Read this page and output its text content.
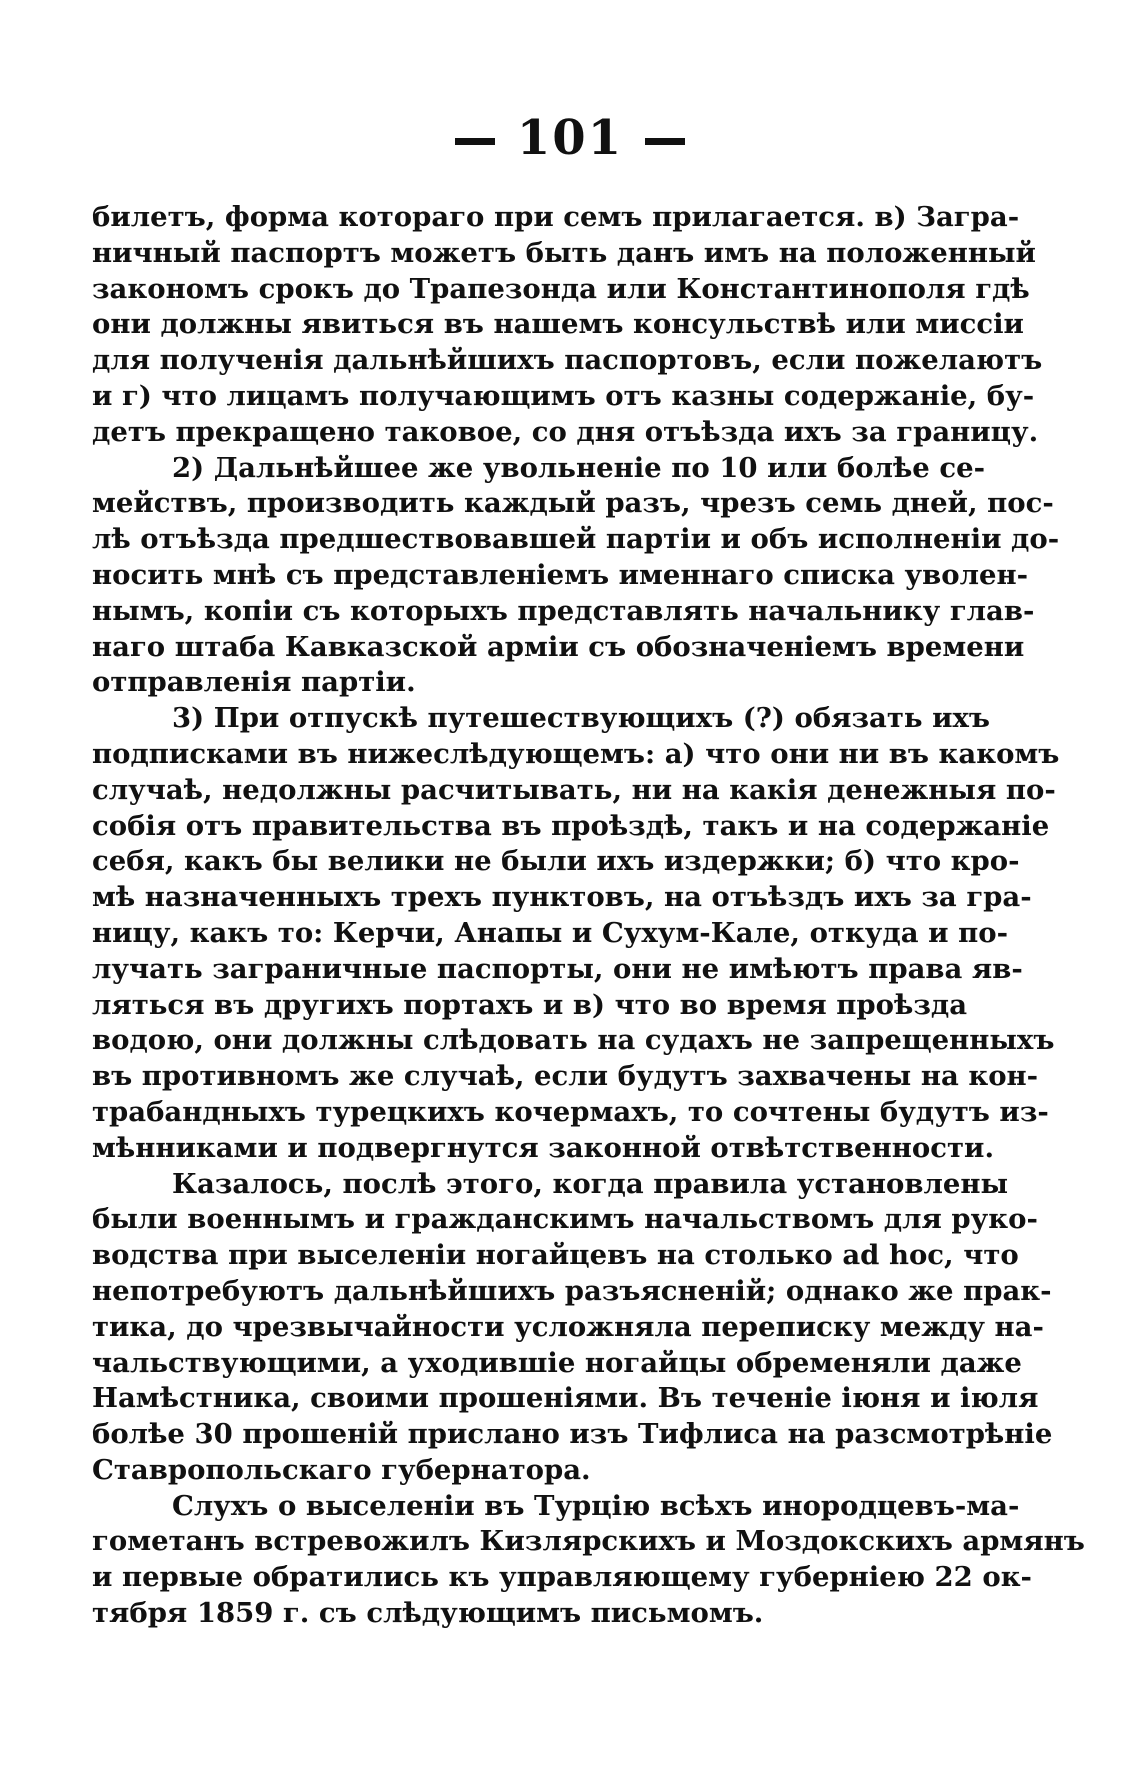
101
билетъ, форма котораго при семъ прилагается. в) Загра-
ничный паспортъ можетъ быть данъ имъ на положенный
закономъ срокъ до Трапезонда или Константинополя гдѣ
они должны явиться въ нашемъ консульствѣ или миссіи
для полученія дальнѣйшихъ паспортовъ, если пожелаютъ
и г) что лицамъ получающимъ отъ казны содержаніе, бу-
детъ прекращено таковое, со дня отъѣзда ихъ за границу.
2) Дальнѣйшее же увольненіе по 10 или болѣе се-
мействъ, производить каждый разъ, чрезъ семь дней, пос-
лѣ отъѣзда предшествовавшей партіи и объ исполненіи до-
носить мнѣ съ представленіемъ именнаго списка уволен-
нымъ, копіи съ которыхъ представлять начальнику глав-
наго штаба Кавказской арміи съ обозначеніемъ времени
отправленія партіи.
3) При отпускѣ путешествующихъ (?) обязать ихъ
подписками въ нижеслѣдующемъ: а) что они ни въ какомъ
случаѣ, недолжны расчитывать, ни на какія денежныя по-
собія отъ правительства въ проѣздѣ, такъ и на содержаніе
себя, какъ бы велики не были ихъ издержки; б) что кро-
мѣ назначенныхъ трехъ пунктовъ, на отъѣздъ ихъ за гра-
ницу, какъ то: Керчи, Анапы и Сухум-Кале, откуда и по-
лучать заграничные паспорты, они не имѣютъ права яв-
ляться въ другихъ портахъ и в) что во время проѣзда
водою, они должны слѣдовать на судахъ не запрещенныхъ
въ противномъ же случаѣ, если будутъ захвачены на кон-
трабандныхъ турецкихъ кочермахъ, то сочтены будутъ из-
мѣнниками и подвергнутся законной отвѣтственности.
Казалось, послѣ этого, когда правила установлены
были военнымъ и гражданскимъ начальствомъ для руко-
водства при выселеніи ногайцевъ на столько ad hoc, что
непотребуютъ дальнѣйшихъ разъясненій; однако же прак-
тика, до чрезвычайности усложняла переписку между на-
чальствующими, а уходившіе ногайцы обременяли даже
Намѣстника, своими прошеніями. Въ теченіе іюня и іюля
болѣе 30 прошеній прислано изъ Тифлиса на разсмотрѣніе
Ставропольскаго губернатора.
Слухъ о выселеніи въ Турцію всѣхъ инородцевъ-ма-
гометанъ встревожилъ Кизлярскихъ и Моздокскихъ армянъ
и первые обратились къ управляющему губерніею 22 ок-
тября 1859 г. съ слѣдующимъ письмомъ.
